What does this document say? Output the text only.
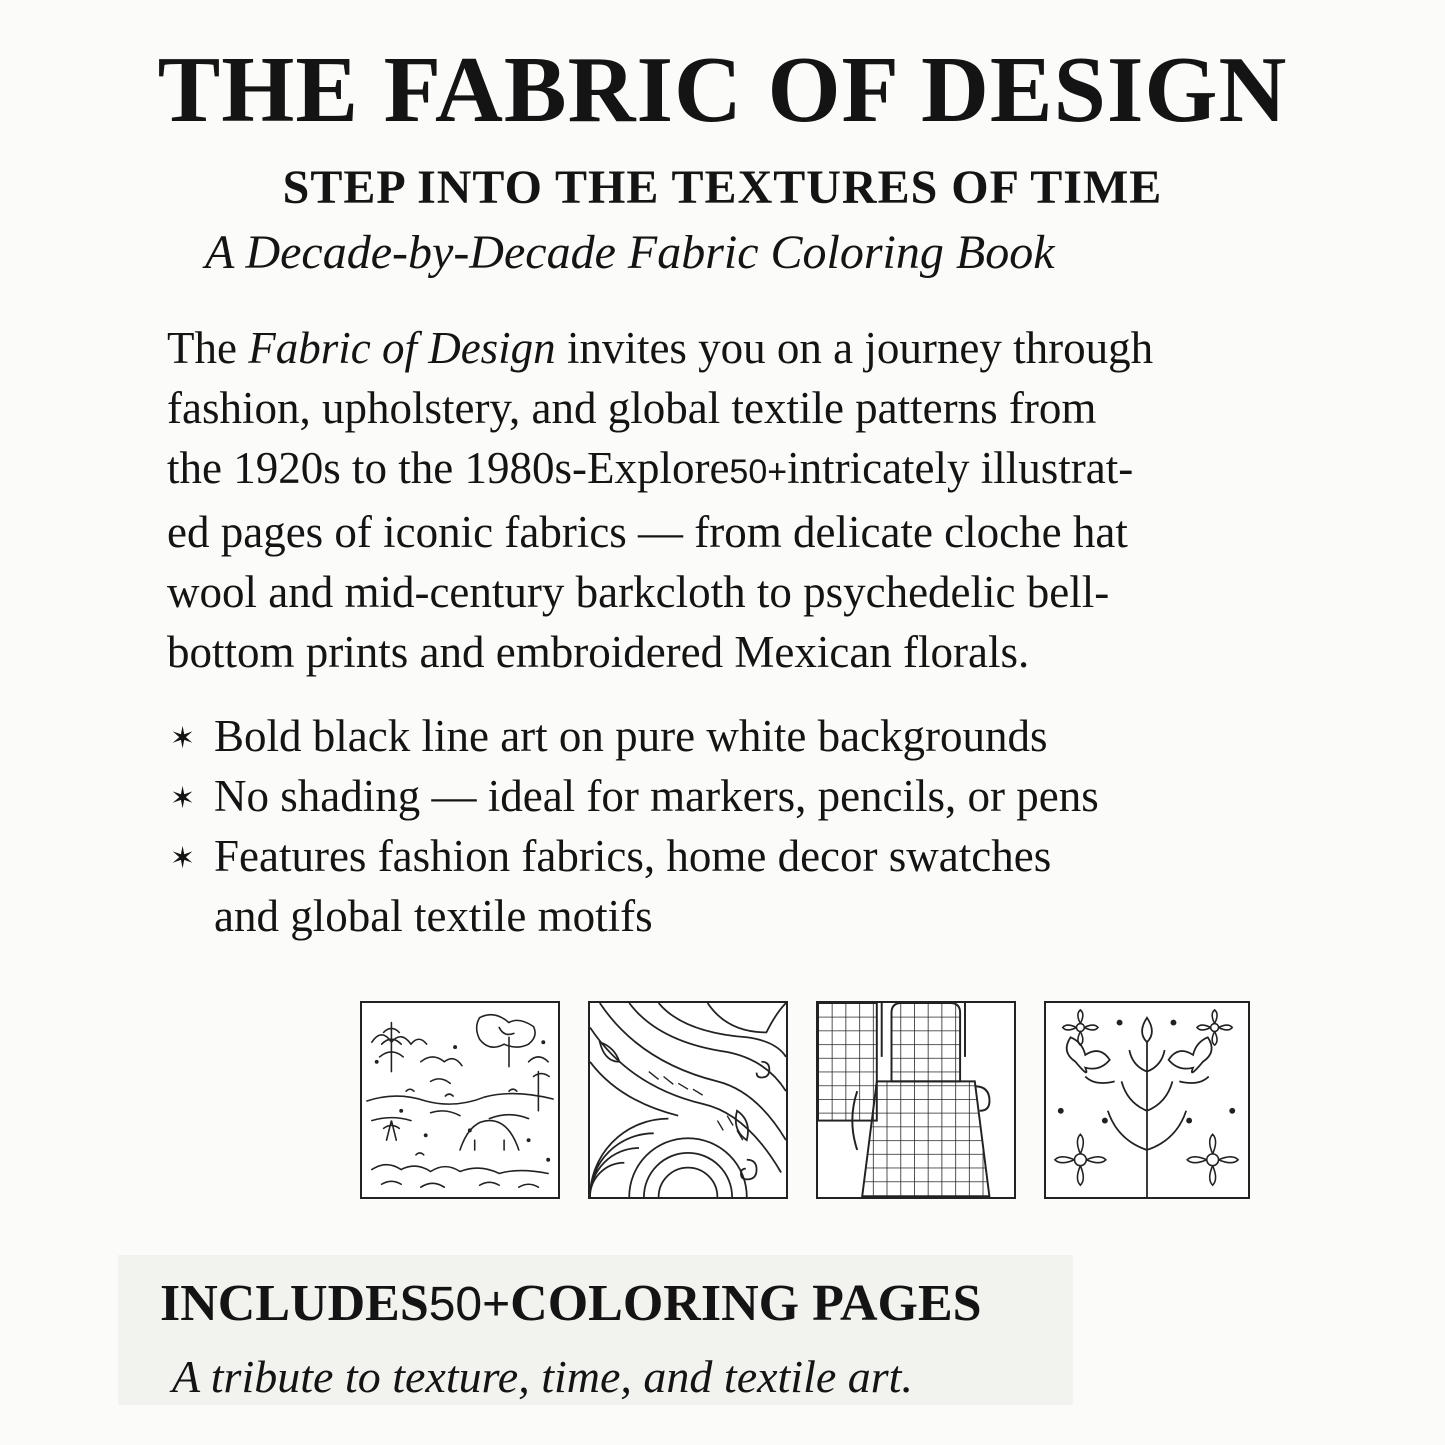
THE FABRIC OF DESIGN
STEP INTO THE TEXTURES OF TIME

A Decade-by-Decade Fabric Coloring Book

The Fabric of Design invites you on a journey through
fashion, upholstery, and global textile patterns from
the 1920s to the 1980s-Explore50+intricately illustrat-
ed pages of iconic fabrics — from delicate cloche hat
wool and mid-century barkcloth to psychedelic bell-
bottom prints and embroidered Mexican florals.
✶ Bold black line art on pure white backgrounds
✶ No shading — ideal for markers, pencils, or pens
✶ Features fashion fabrics, home decor swatches
and global textile motifs

INCLUDES50+COLORING PAGES

A tribute to texture, time, and textile art.
